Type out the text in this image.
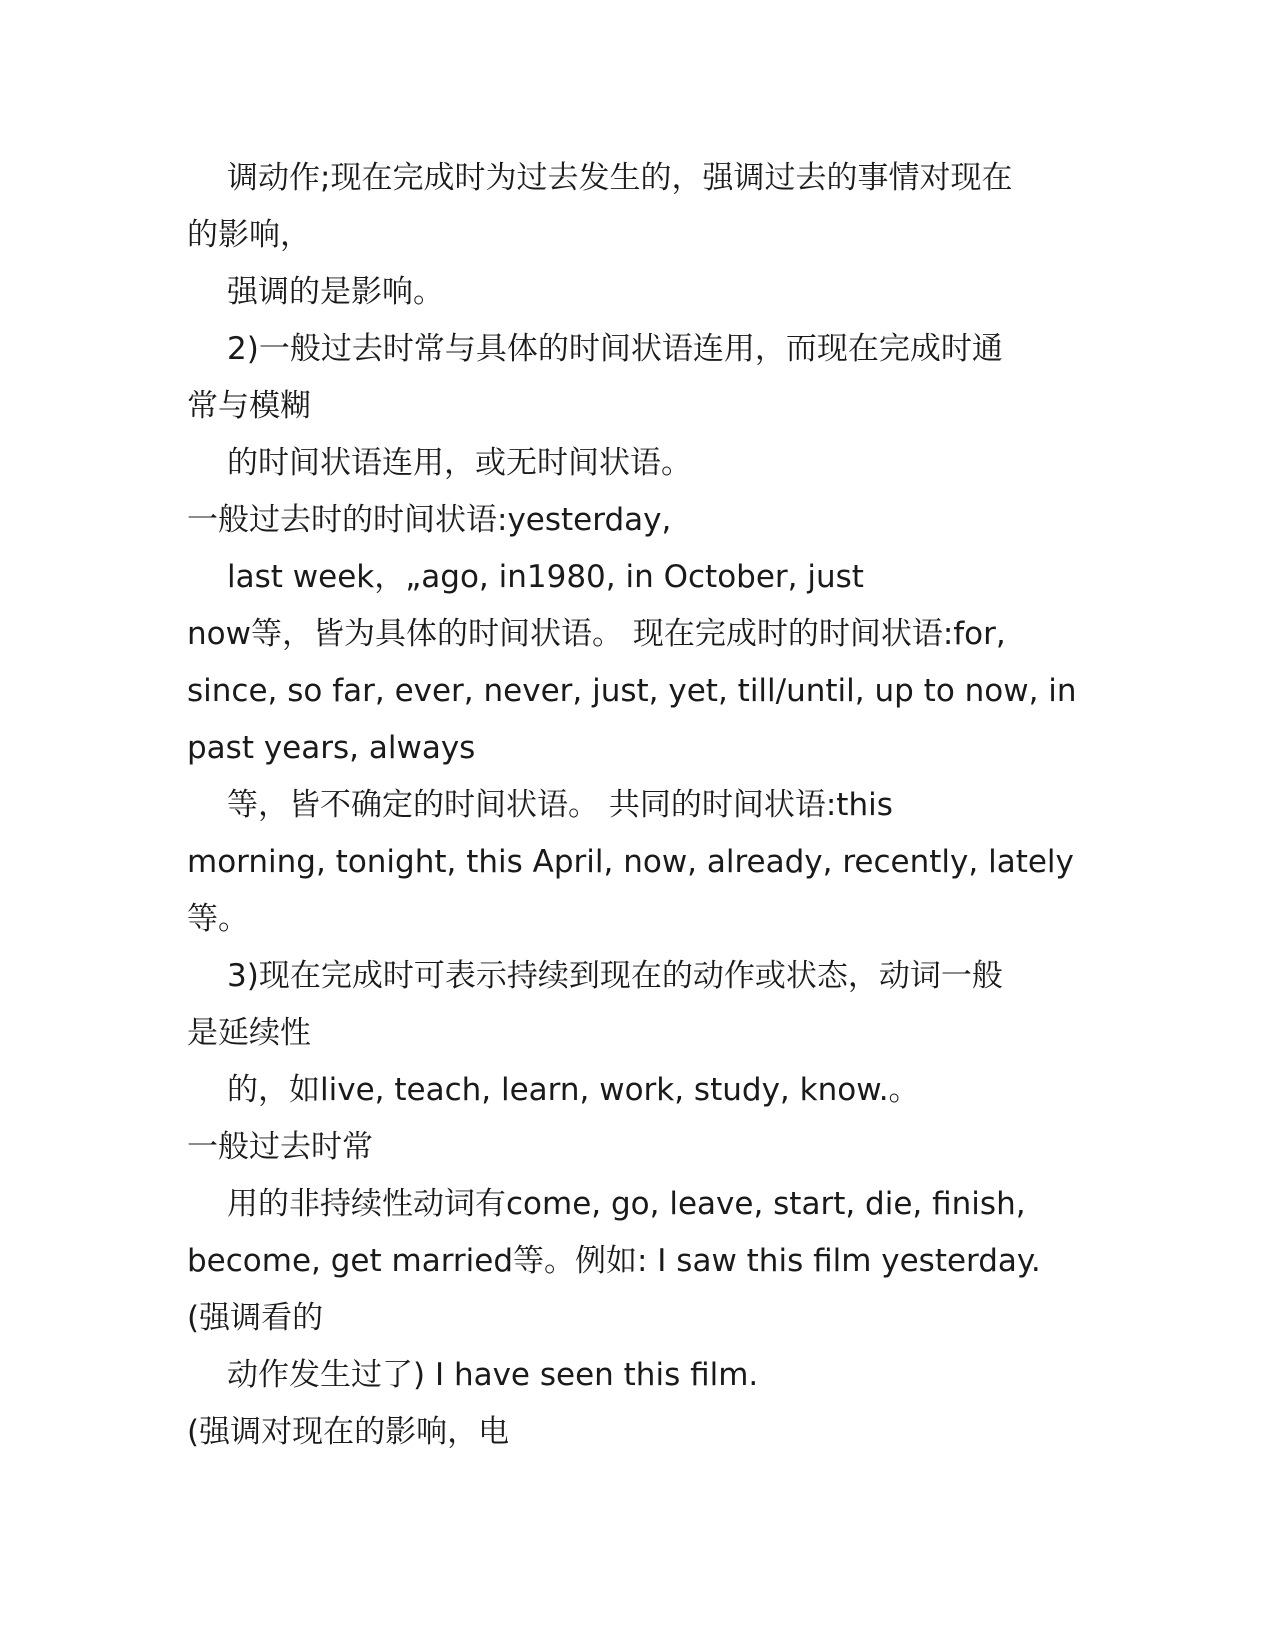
调动作;现在完成时为过去发生的，强调过去的事情对现在
的影响，
强调的是影响。
2)一般过去时常与具体的时间状语连用，而现在完成时通
常与模糊
的时间状语连用，或无时间状语。
一般过去时的时间状语:yesterday,
last week，„ago, in1980, in October, just
now等，皆为具体的时间状语。 现在完成时的时间状语:for,
since, so far, ever, never, just, yet, till/until, up to now, in
past years, always
等，皆不确定的时间状语。 共同的时间状语:this
morning, tonight, this April, now, already, recently, lately
等。
3)现在完成时可表示持续到现在的动作或状态，动词一般
是延续性
的，如live, teach, learn, work, study, know.。
一般过去时常
用的非持续性动词有come, go, leave, start, die, finish,
become, get married等。例如: I saw this film yesterday.
(强调看的
动作发生过了) I have seen this film.
(强调对现在的影响，电
